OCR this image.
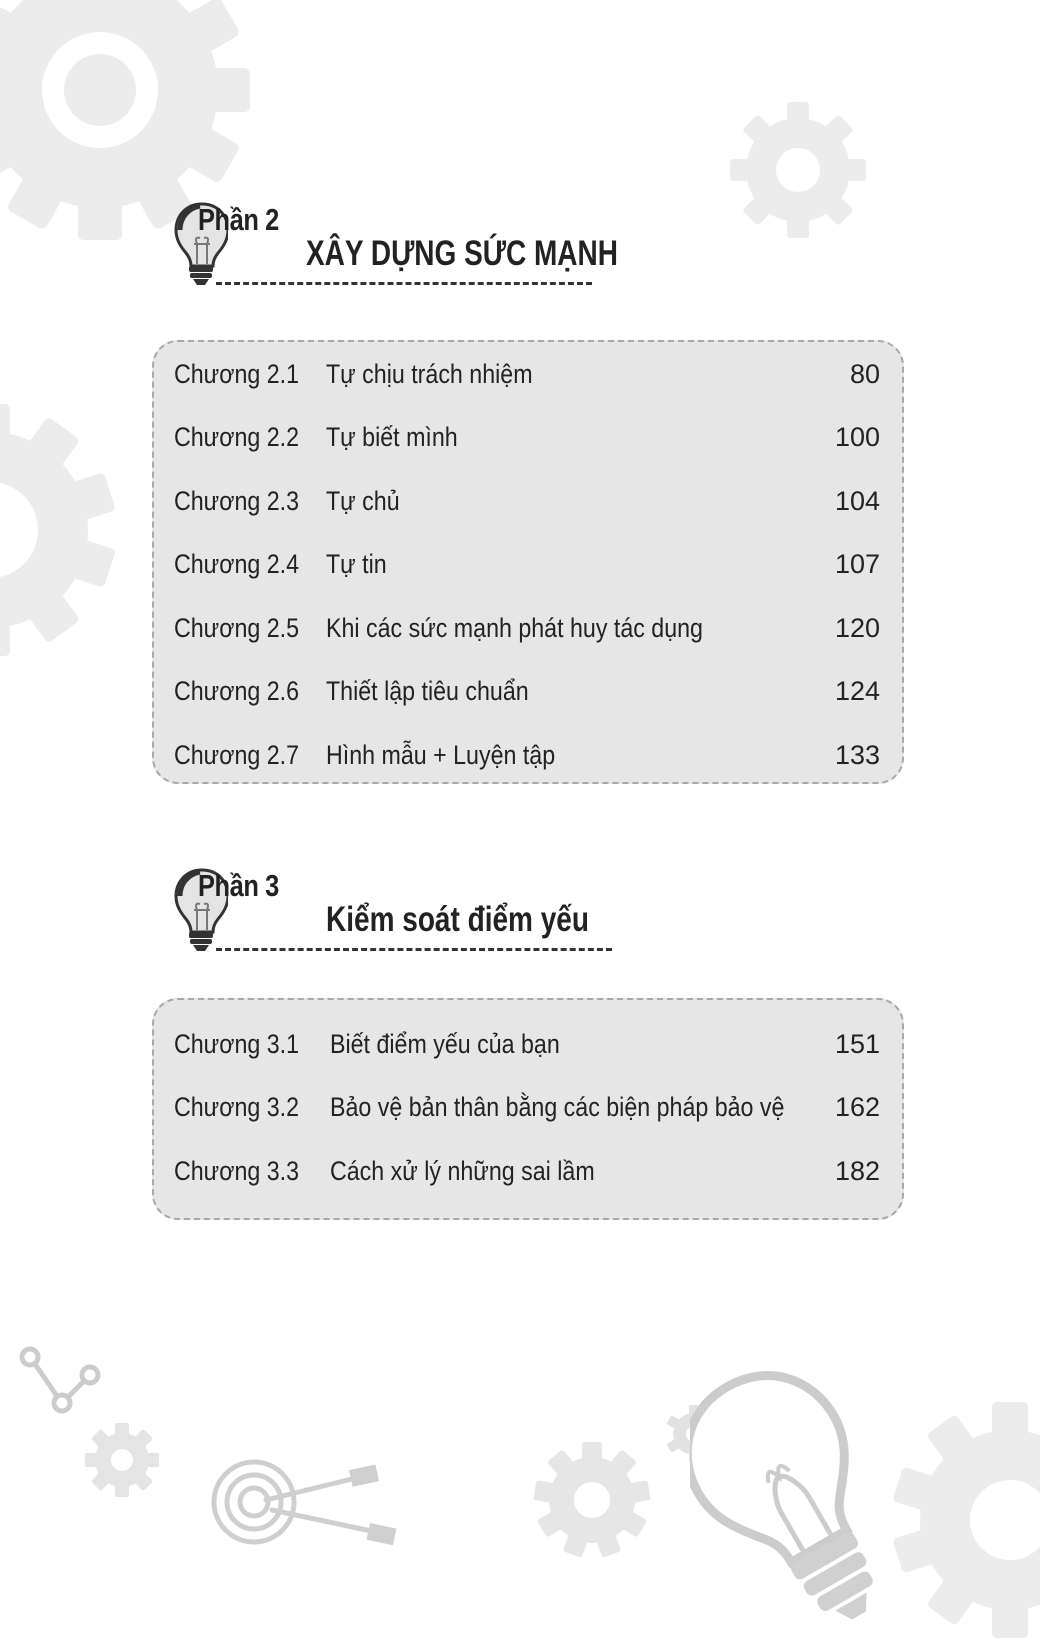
Phần 2
XÂY DỰNG SỨC MẠNH
Chương 2.1 Tự chịu trách nhiệm	80
Chương 2.2 Tự biết mình	100
Chương 2.3 Tự chủ	104
Chương 2.4 Tự tin	107
Chương 2.5 Khi các sức mạnh phát huy tác dụng	120
Chương 2.6 Thiết lập tiêu chuẩn	124
Chương 2.7 Hình mẫu + Luyện tập	133
Phần 3
Kiểm soát điểm yếu
Chương 3.1 Biết điểm yếu của bạn	151
Chương 3.2 Bảo vệ bản thân bằng các biện pháp bảo vệ 162
Chương 3.3 Cách xử lý những sai lầm	182
